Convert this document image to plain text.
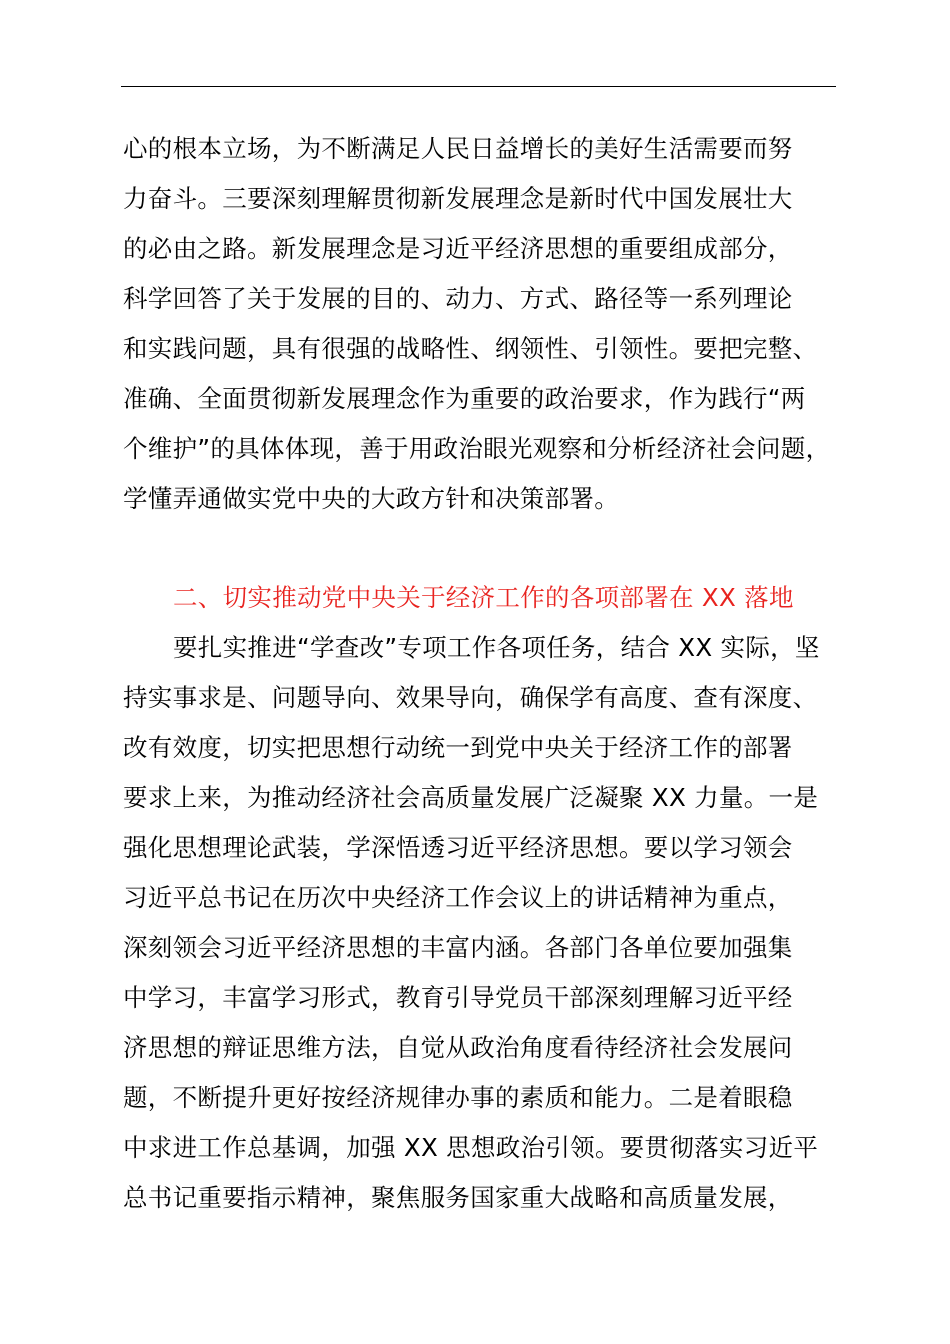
心的根本立场，为不断满足人民日益增长的美好生活需要而努
力奋斗。三要深刻理解贯彻新发展理念是新时代中国发展壮大
的必由之路。新发展理念是习近平经济思想的重要组成部分，
科学回答了关于发展的目的、动力、方式、路径等一系列理论
和实践问题，具有很强的战略性、纲领性、引领性。要把完整、
准确、全面贯彻新发展理念作为重要的政治要求，作为践行“两
个维护”的具体体现，善于用政治眼光观察和分析经济社会问题，
学懂弄通做实党中央的大政方针和决策部署。
二、切实推动党中央关于经济工作的各项部署在 XX 落地
要扎实推进“学查改”专项工作各项任务，结合 XX 实际，坚
持实事求是、问题导向、效果导向，确保学有高度、查有深度、
改有效度，切实把思想行动统一到党中央关于经济工作的部署
要求上来，为推动经济社会高质量发展广泛凝聚 XX 力量。一是
强化思想理论武装，学深悟透习近平经济思想。要以学习领会
习近平总书记在历次中央经济工作会议上的讲话精神为重点，
深刻领会习近平经济思想的丰富内涵。各部门各单位要加强集
中学习，丰富学习形式，教育引导党员干部深刻理解习近平经
济思想的辩证思维方法，自觉从政治角度看待经济社会发展问
题，不断提升更好按经济规律办事的素质和能力。二是着眼稳
中求进工作总基调，加强 XX 思想政治引领。要贯彻落实习近平
总书记重要指示精神，聚焦服务国家重大战略和高质量发展，
